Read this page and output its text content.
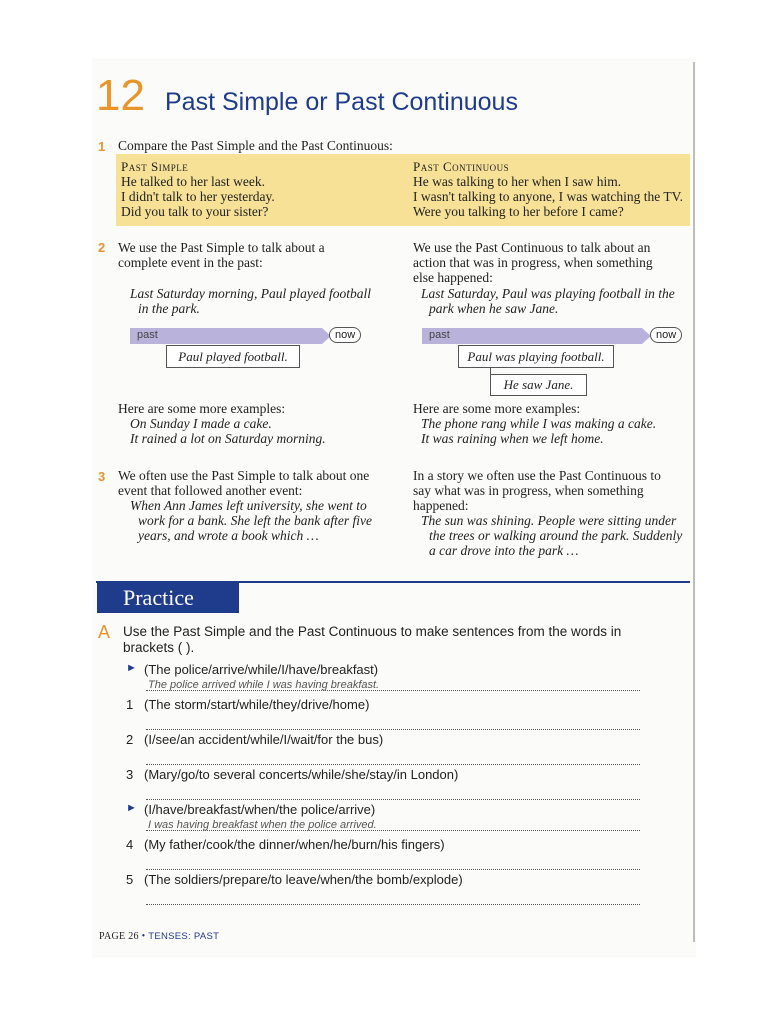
12 Past Simple or Past Continuous
1 Compare the Past Simple and the Past Continuous:
Past Simple
He talked to her last week.
I didn't talk to her yesterday.
Did you talk to your sister?
Past Continuous
He was talking to her when I saw him.
I wasn't talking to anyone, I was watching the TV.
Were you talking to her before I came?
2 We use the Past Simple to talk about a
complete event in the past:
Last Saturday morning, Paul played football
in the park.
We use the Past Continuous to talk about an
action that was in progress, when something
else happened:
Last Saturday, Paul was playing football in the
park when he saw Jane.
past	now
Paul played football.
past	now
Paul was playing football.
He saw Jane.
Here are some more examples:
On Sunday I made a cake.
It rained a lot on Saturday morning.
Here are some more examples:
The phone rang while I was making a cake.
It was raining when we left home.
3 We often use the Past Simple to talk about one
event that followed another event:
When Ann James left university, she went to
work for a bank. She left the bank after five
years, and wrote a book which …
In a story we often use the Past Continuous to
say what was in progress, when something
happened:
The sun was shining. People were sitting under
the trees or walking around the park. Suddenly
a car drove into the park …
Practice
A Use the Past Simple and the Past Continuous to make sentences from the words in
brackets ( ).
► (The police/arrive/while/I/have/breakfast)
The police arrived while I was having breakfast.
1 (The storm/start/while/they/drive/home)
2 (I/see/an accident/while/I/wait/for the bus)
3 (Mary/go/to several concerts/while/she/stay/in London)
► (I/have/breakfast/when/the police/arrive)
I was having breakfast when the police arrived.
4 (My father/cook/the dinner/when/he/burn/his fingers)
5 (The soldiers/prepare/to leave/when/the bomb/explode)
PAGE 26 • TENSES: PAST
